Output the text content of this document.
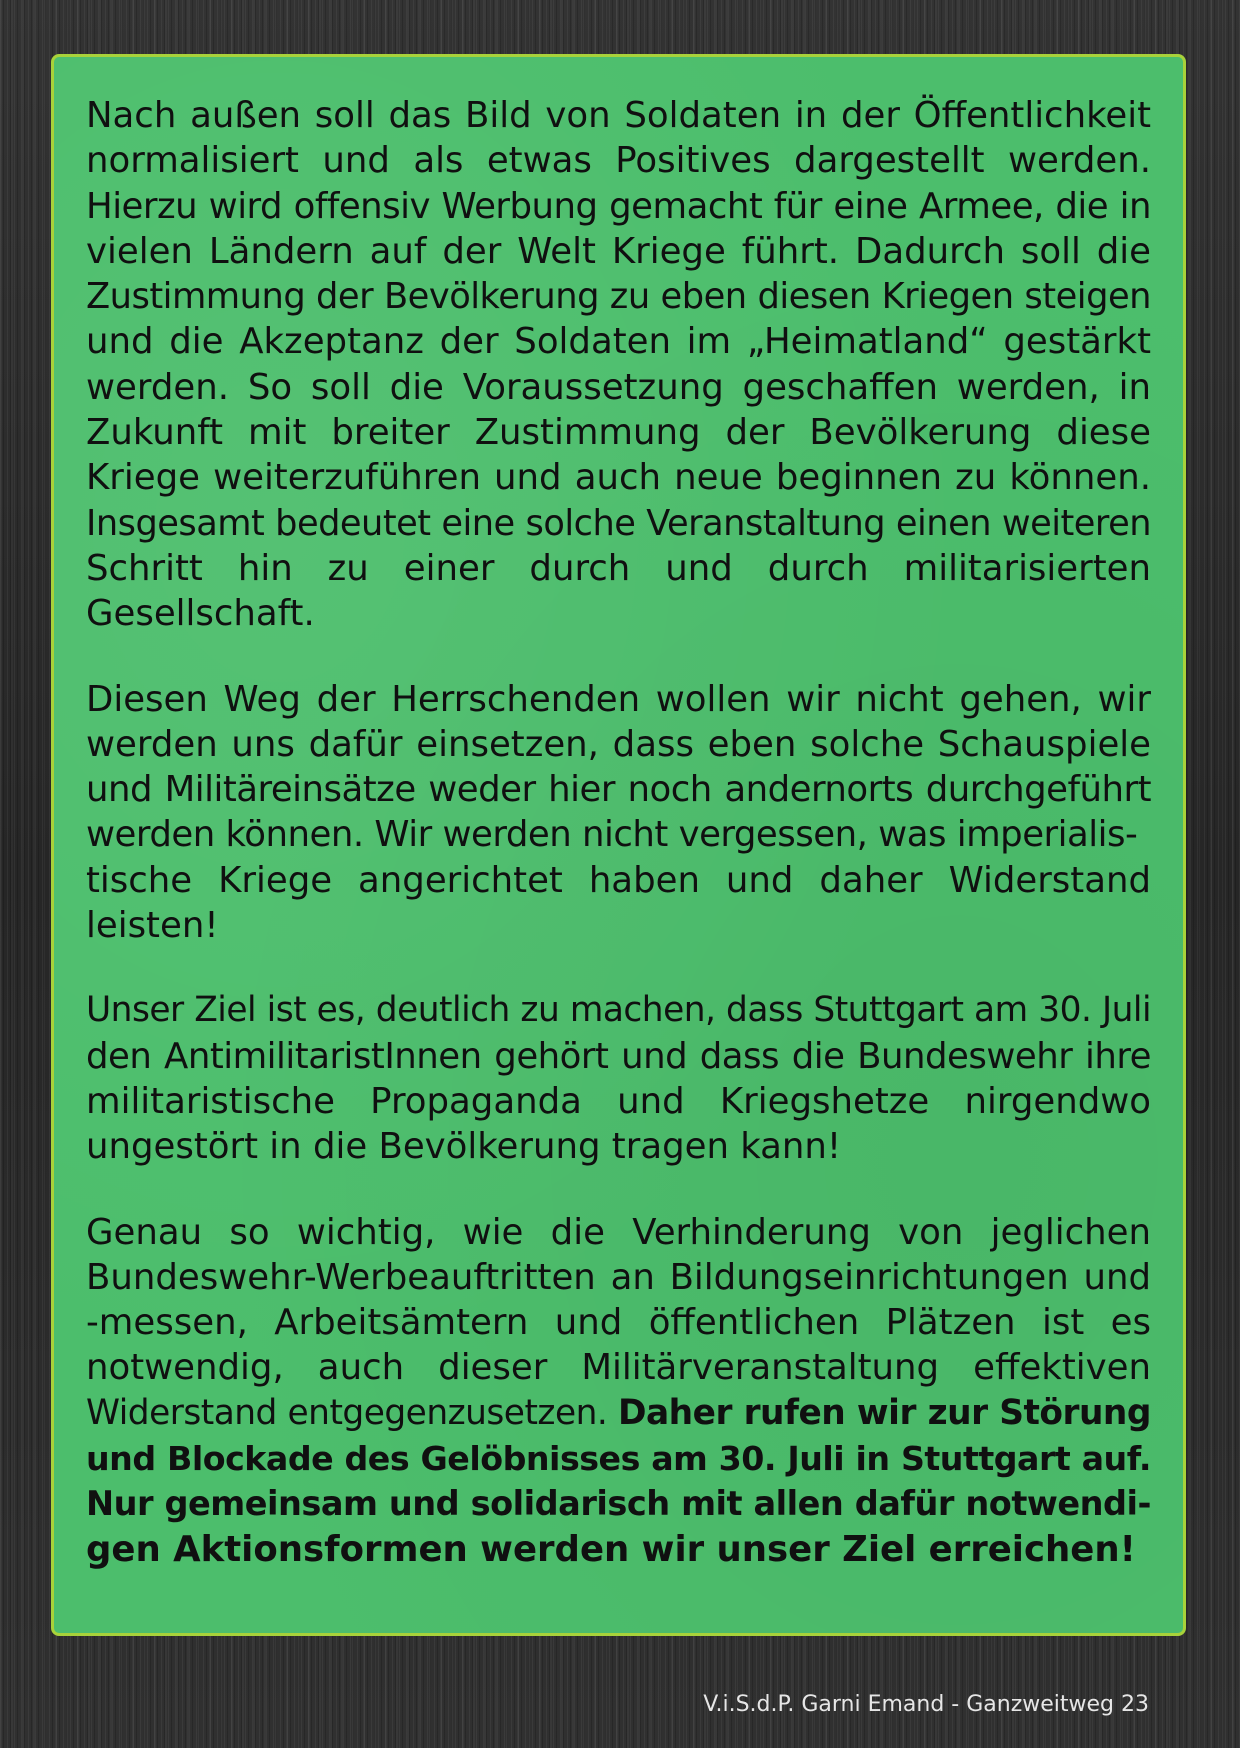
Nach außen soll das Bild von Soldaten in der Öffentlichkeit
normalisiert und als etwas Positives dargestellt werden.
Hierzu wird offensiv Werbung gemacht für eine Armee, die in
vielen Ländern auf der Welt Kriege führt. Dadurch soll die
Zustimmung der Bevölkerung zu eben diesen Kriegen steigen
und die Akzeptanz der Soldaten im „Heimatland“ gestärkt
werden. So soll die Voraussetzung geschaffen werden, in
Zukunft mit breiter Zustimmung der Bevölkerung diese
Kriege weiterzuführen und auch neue beginnen zu können.
Insgesamt bedeutet eine solche Veranstaltung einen weiteren
Schritt hin zu einer durch und durch militarisierten
Gesellschaft.

Diesen Weg der Herrschenden wollen wir nicht gehen, wir
werden uns dafür einsetzen, dass eben solche Schauspiele
und Militäreinsätze weder hier noch andernorts durchgeführt
werden können. Wir werden nicht vergessen, was imperialis-
tische Kriege angerichtet haben und daher Widerstand
leisten!

Unser Ziel ist es, deutlich zu machen, dass Stuttgart am 30. Juli
den AntimilitaristInnen gehört und dass die Bundeswehr ihre
militaristische Propaganda und Kriegshetze nirgendwo
ungestört in die Bevölkerung tragen kann!

Genau so wichtig, wie die Verhinderung von jeglichen
Bundeswehr-Werbeauftritten an Bildungseinrichtungen und
-messen, Arbeitsämtern und öffentlichen Plätzen ist es
notwendig, auch dieser Militärveranstaltung effektiven
Widerstand entgegenzusetzen. Daher rufen wir zur Störung
und Blockade des Gelöbnisses am 30. Juli in Stuttgart auf.
Nur gemeinsam und solidarisch mit allen dafür notwendi-
gen Aktionsformen werden wir unser Ziel erreichen!

V.i.S.d.P. Garni Emand - Ganzweitweg 23
